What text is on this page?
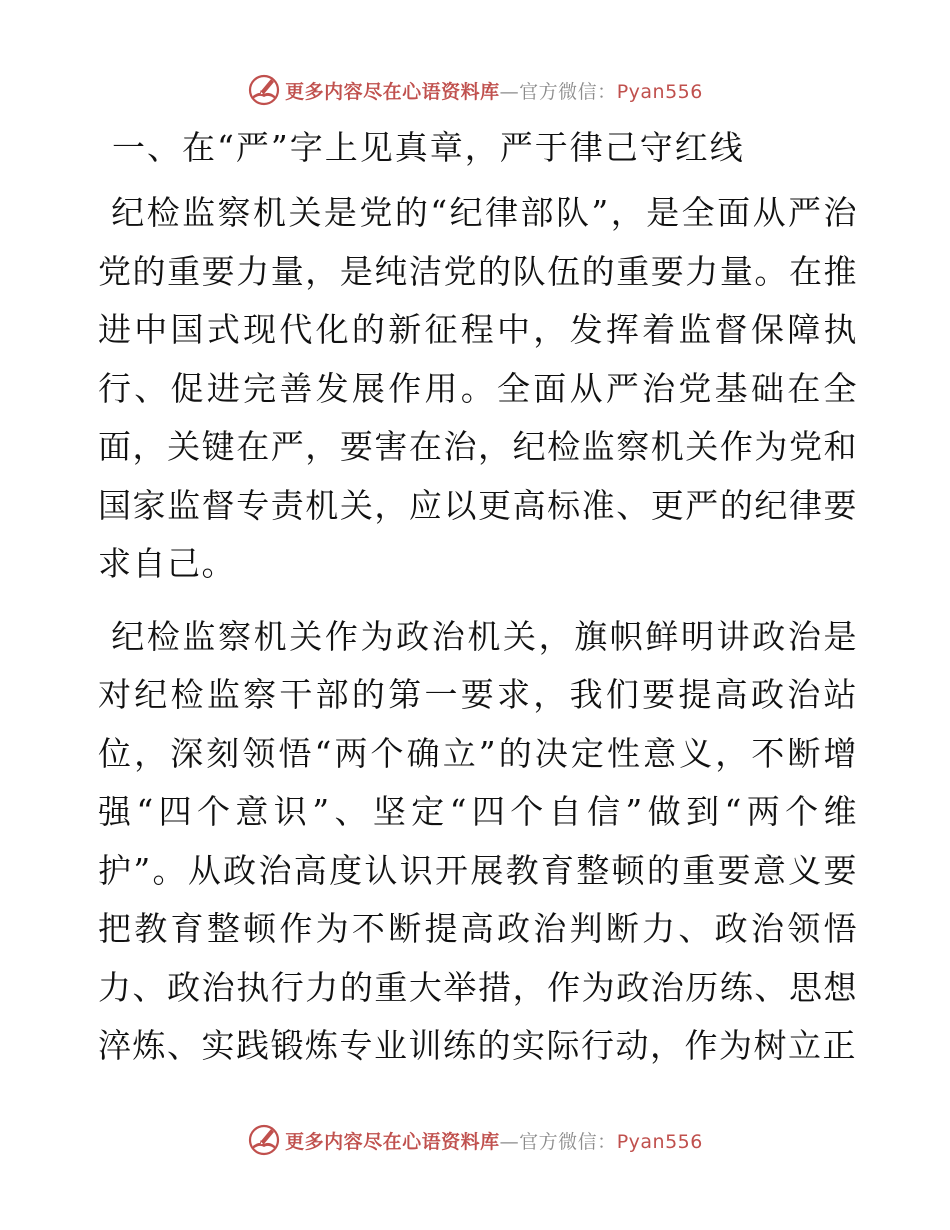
更多内容尽在心语资料库—官方微信：Pyan556
一、在“严”字上见真章，严于律己守红线

纪检监察机关是党的“纪律部队”，是全面从严治党的重要力量，是纯洁党的队伍的重要力量。在推进中国式现代化的新征程中，发挥着监督保障执行、促进完善发展作用。全面从严治党基础在全面，关键在严，要害在治，纪检监察机关作为党和国家监督专责机关，应以更高标准、更严的纪律要求自己。

纪检监察机关作为政治机关，旗帜鲜明讲政治是对纪检监察干部的第一要求，我们要提高政治站位，深刻领悟“两个确立”的决定性意义，不断增强“四个意识”、坚定“四个自信”做到“两个维护”。从政治高度认识开展教育整顿的重要意义要把教育整顿作为不断提高政治判断力、政治领悟力、政治执行力的重大举措，作为政治历练、思想淬炼、实践锻炼专业训练的实际行动，作为树立正

更多内容尽在心语资料库—官方微信：Pyan556
